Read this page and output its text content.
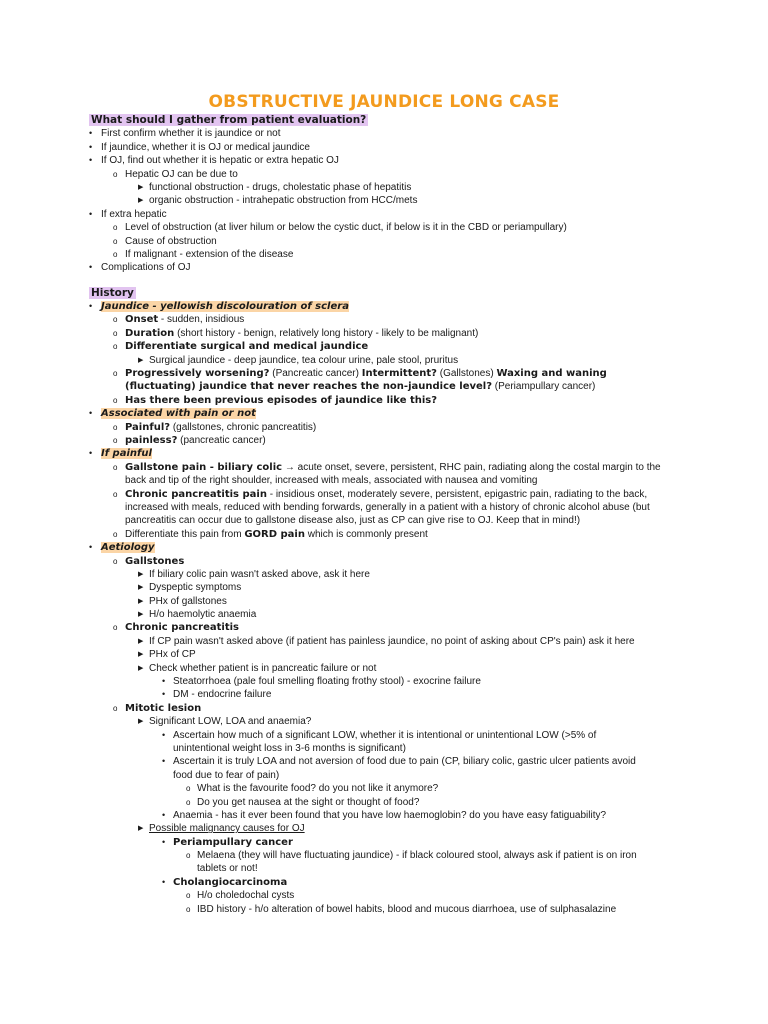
OBSTRUCTIVE JAUNDICE LONG CASE
What should I gather from patient evaluation?
• First confirm whether it is jaundice or not
• If jaundice, whether it is OJ or medical jaundice
• If OJ, find out whether it is hepatic or extra hepatic OJ
o Hepatic OJ can be due to
▶ functional obstruction - drugs, cholestatic phase of hepatitis
▶ organic obstruction - intrahepatic obstruction from HCC/mets
• If extra hepatic
o Level of obstruction (at liver hilum or below the cystic duct, if below is it in the CBD or periampullary)
o Cause of obstruction
o If malignant - extension of the disease
• Complications of OJ
History
• Jaundice - yellowish discolouration of sclera
o Onset - sudden, insidious
o Duration (short history - benign, relatively long history - likely to be malignant)
o Differentiate surgical and medical jaundice
▶ Surgical jaundice - deep jaundice, tea colour urine, pale stool, pruritus
o Progressively worsening? (Pancreatic cancer) Intermittent? (Gallstones) Waxing and waning
(fluctuating) jaundice that never reaches the non-jaundice level? (Periampullary cancer)
o Has there been previous episodes of jaundice like this?
• Associated with pain or not
o Painful? (gallstones, chronic pancreatitis)
o painless? (pancreatic cancer)
• If painful
o Gallstone pain - biliary colic → acute onset, severe, persistent, RHC pain, radiating along the costal margin to the
back and tip of the right shoulder, increased with meals, associated with nausea and vomiting
o Chronic pancreatitis pain - insidious onset, moderately severe, persistent, epigastric pain, radiating to the back,
increased with meals, reduced with bending forwards, generally in a patient with a history of chronic alcohol abuse (but
pancreatitis can occur due to gallstone disease also, just as CP can give rise to OJ. Keep that in mind!)
o Differentiate this pain from GORD pain which is commonly present
• Aetiology
o Gallstones
▶ If biliary colic pain wasn't asked above, ask it here
▶ Dyspeptic symptoms
▶ PHx of gallstones
▶ H/o haemolytic anaemia
o Chronic pancreatitis
▶ If CP pain wasn't asked above (if patient has painless jaundice, no point of asking about CP's pain) ask it here
▶ PHx of CP
▶ Check whether patient is in pancreatic failure or not
• Steatorrhoea (pale foul smelling floating frothy stool) - exocrine failure
• DM - endocrine failure
o Mitotic lesion
▶ Significant LOW, LOA and anaemia?
• Ascertain how much of a significant LOW, whether it is intentional or unintentional LOW (>5% of
unintentional weight loss in 3-6 months is significant)
• Ascertain it is truly LOA and not aversion of food due to pain (CP, biliary colic, gastric ulcer patients avoid
food due to fear of pain)
o What is the favourite food? do you not like it anymore?
o Do you get nausea at the sight or thought of food?
• Anaemia - has it ever been found that you have low haemoglobin? do you have easy fatiguability?
▶ Possible malignancy causes for OJ
• Periampullary cancer
o Melaena (they will have fluctuating jaundice) - if black coloured stool, always ask if patient is on iron
tablets or not!
• Cholangiocarcinoma
o H/o choledochal cysts
o IBD history - h/o alteration of bowel habits, blood and mucous diarrhoea, use of sulphasalazine
